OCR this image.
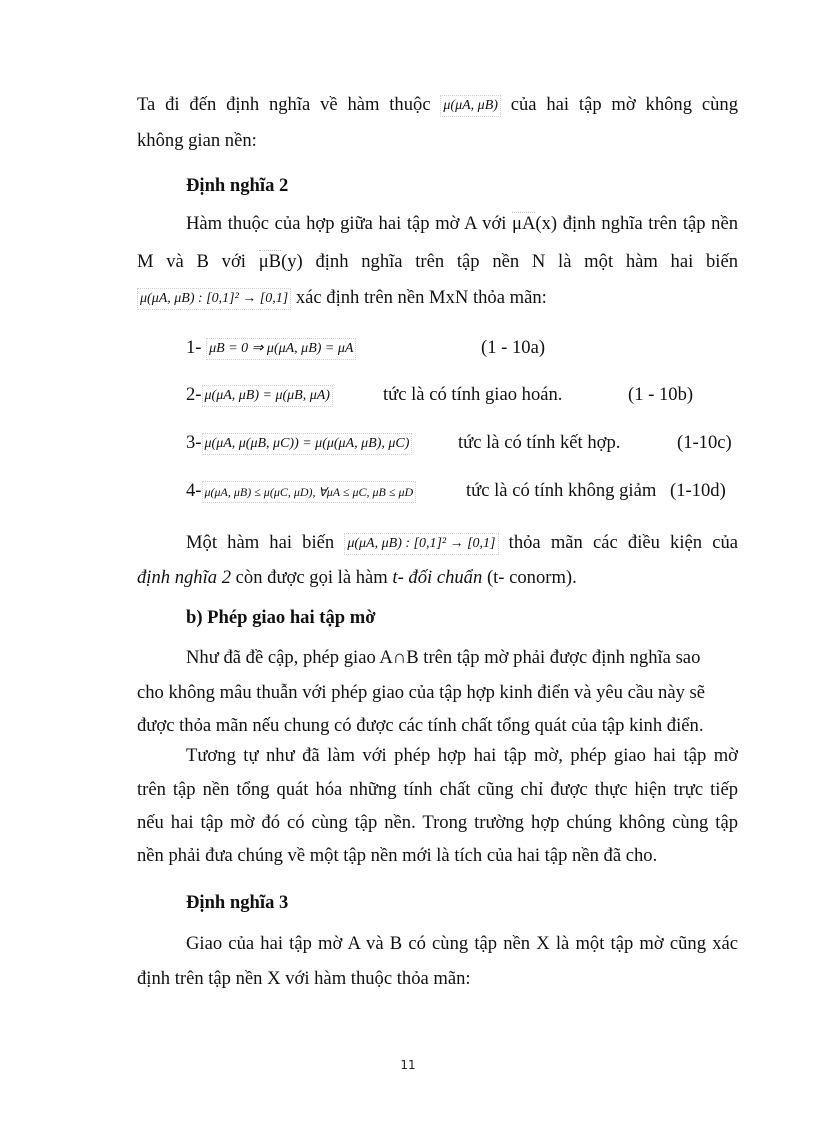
Ta đi đến định nghĩa về hàm thuộc μ(μA, μB) của hai tập mờ không cùng
không gian nền:
Định nghĩa 2
Hàm thuộc của hợp giữa hai tập mờ A với μA(x) định nghĩa trên tập nền
M và B với μB(y) định nghĩa trên tập nền N là một hàm hai biến
μ(μA, μB) : [0,1]² → [0,1] xác định trên nền MxN thỏa mãn:
1- μB = 0 ⇒ μ(μA, μB) = μA	(1 - 10a)
2- μ(μA, μB) = μ(μB, μA)	tức là có tính giao hoán.	(1 - 10b)
3- μ(μA, μ(μB, μC)) = μ(μ(μA, μB), μC)	tức là có tính kết hợp.	(1-10c)
4- μ(μA, μB) ≤ μ(μC, μD), ∀μA ≤ μC, μB ≤ μD	tức là có tính không giảm (1-10d)
Một hàm hai biến μ(μA, μB) : [0,1]² → [0,1] thỏa mãn các điều kiện của
định nghĩa 2 còn được gọi là hàm t- đối chuẩn (t- conorm).
b) Phép giao hai tập mờ
Như đã đề cập, phép giao A∩B trên tập mờ phải được định nghĩa sao
cho không mâu thuẫn với phép giao của tập hợp kinh điển và yêu cầu này sẽ
được thỏa mãn nếu chung có được các tính chất tổng quát của tập kinh điển.
Tương tự như đã làm với phép hợp hai tập mờ, phép giao hai tập mờ
trên tập nền tổng quát hóa những tính chất cũng chỉ được thực hiện trực tiếp
nếu hai tập mờ đó có cùng tập nền. Trong trường hợp chúng không cùng tập
nền phải đưa chúng về một tập nền mới là tích của hai tập nền đã cho.
Định nghĩa 3
Giao của hai tập mờ A và B có cùng tập nền X là một tập mờ cũng xác
định trên tập nền X với hàm thuộc thỏa mãn:
11
